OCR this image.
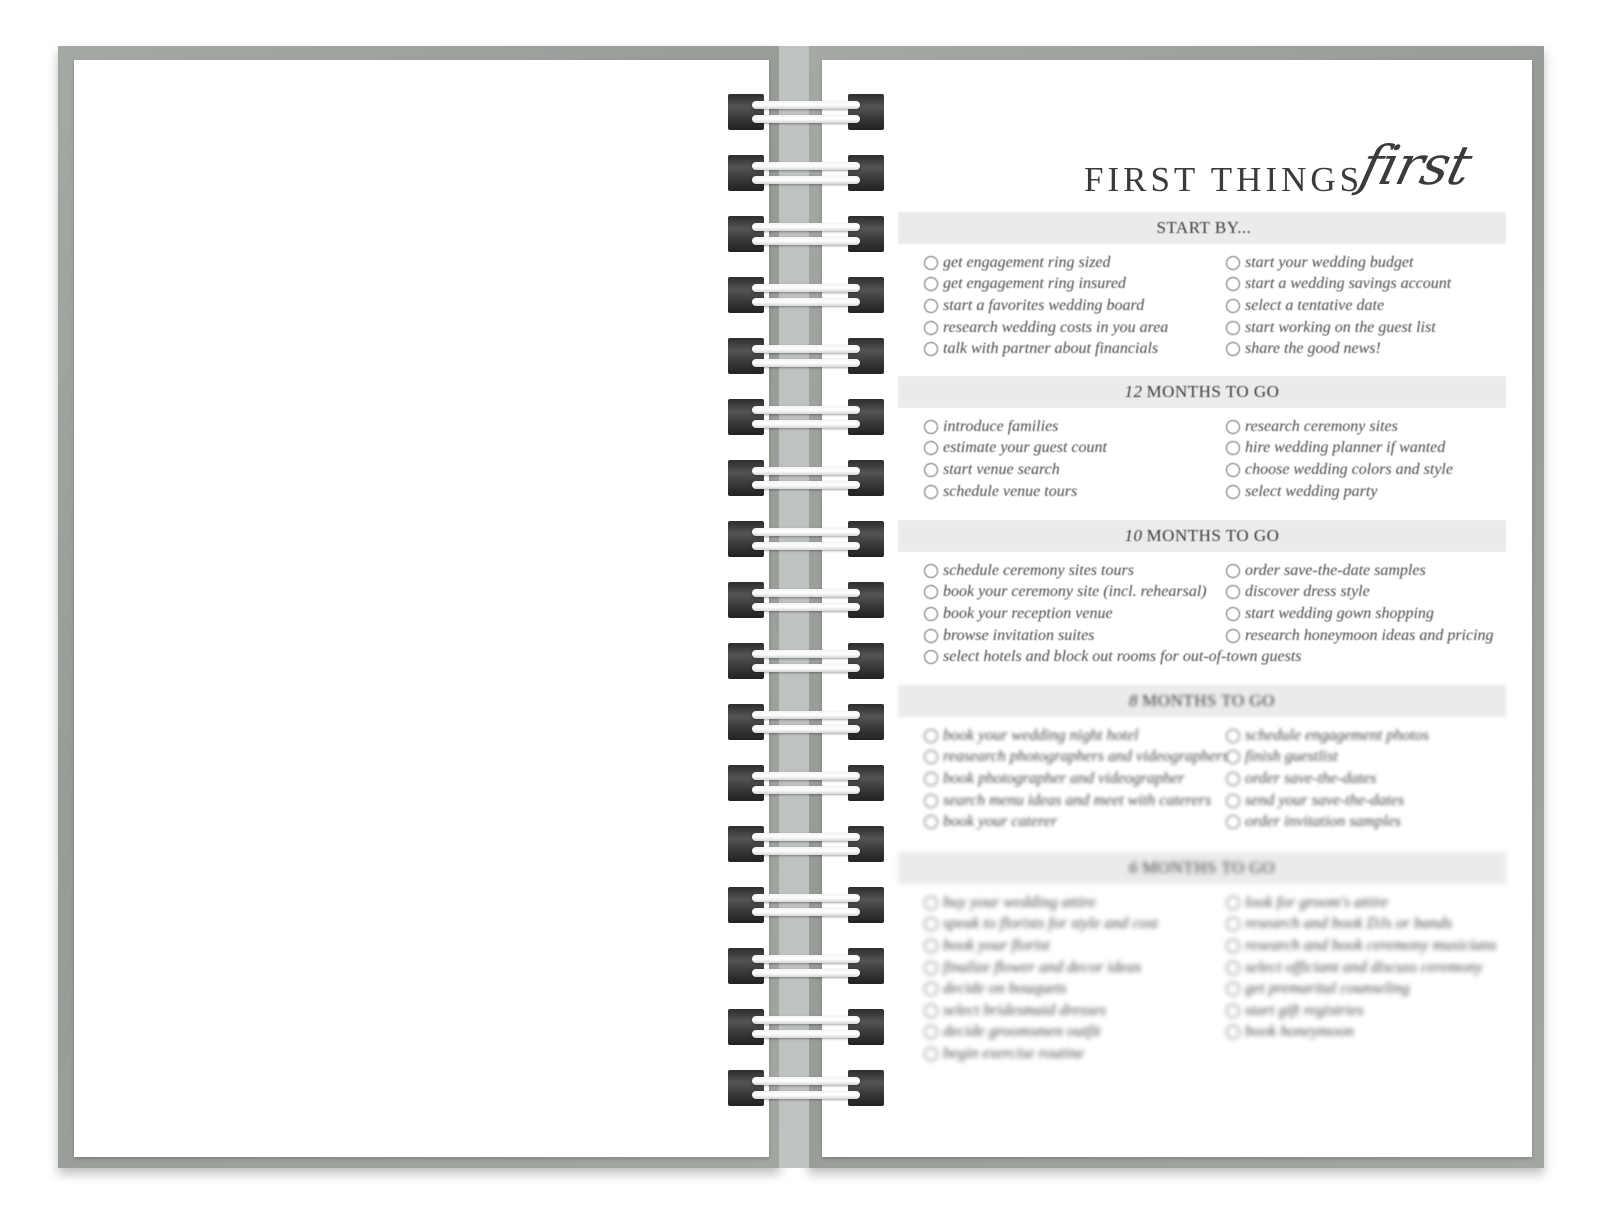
FIRST THINGS
first
START BY...
get engagement ring sized
get engagement ring insured
start a favorites wedding board
research wedding costs in you area
talk with partner about financials
start your wedding budget
start a wedding savings account
select a tentative date
start working on the guest list
share the good news!
12 MONTHS TO GO
introduce families
estimate your guest count
start venue search
schedule venue tours
research ceremony sites
hire wedding planner if wanted
choose wedding colors and style
select wedding party
10 MONTHS TO GO
schedule ceremony sites tours
book your ceremony site (incl. rehearsal)
book your reception venue
browse invitation suites
select hotels and block out rooms for out-of-town guests
order save-the-date samples
discover dress style
start wedding gown shopping
research honeymoon ideas and pricing
8 MONTHS TO GO
book your wedding night hotel
reasearch photographers and videographers
book photographer and videographer
search menu ideas and meet with caterers
book your caterer
schedule engagement photos
finish guestlist
order save-the-dates
send your save-the-dates
order invitation samples
6 MONTHS TO GO
buy your wedding attire
speak to florists for style and cost
book your florist
finalize flower and decor ideas
decide on bouquets
select bridesmaid dresses
decide groomsmen outfit
begin exercise routine
look for groom's attire
research and book DJs or bands
research and book ceremony musicians
select officiant and discuss ceremony
get premarital counseling
start gift registries
book honeymoon
